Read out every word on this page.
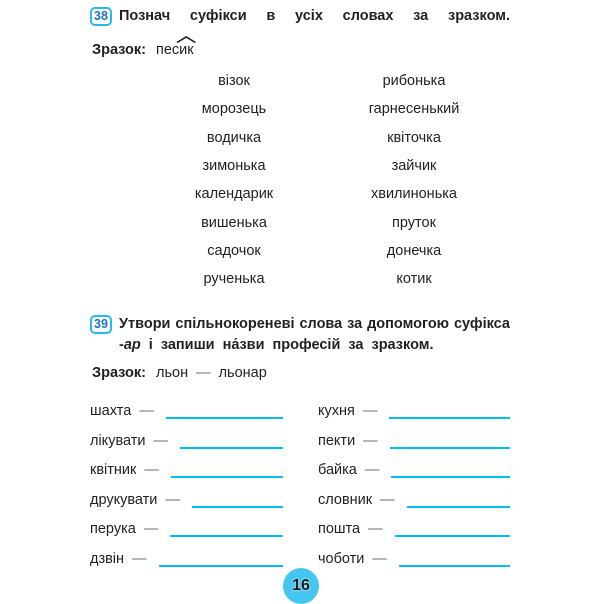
38 Познач суфікси в усіх словах за зразком.

Зразок: пес
ик

візок
морозець
водичка
зимонька
календарик
вишенька
садочок
рученька
рибонька
гарнесенький
квіточка
зайчик
хвилинонька
пруток
донечка
котик
39 Утвори спільнокореневі слова за допомогою суфікса
-ар і запиши на́зви професій за зразком.

Зразок: льон — льонар

шахта —
лікувати —
квітник —
друкувати —
перука —
дзвін —
кухня —
пекти —
байка —
словник —
пошта —
чоботи —
16
